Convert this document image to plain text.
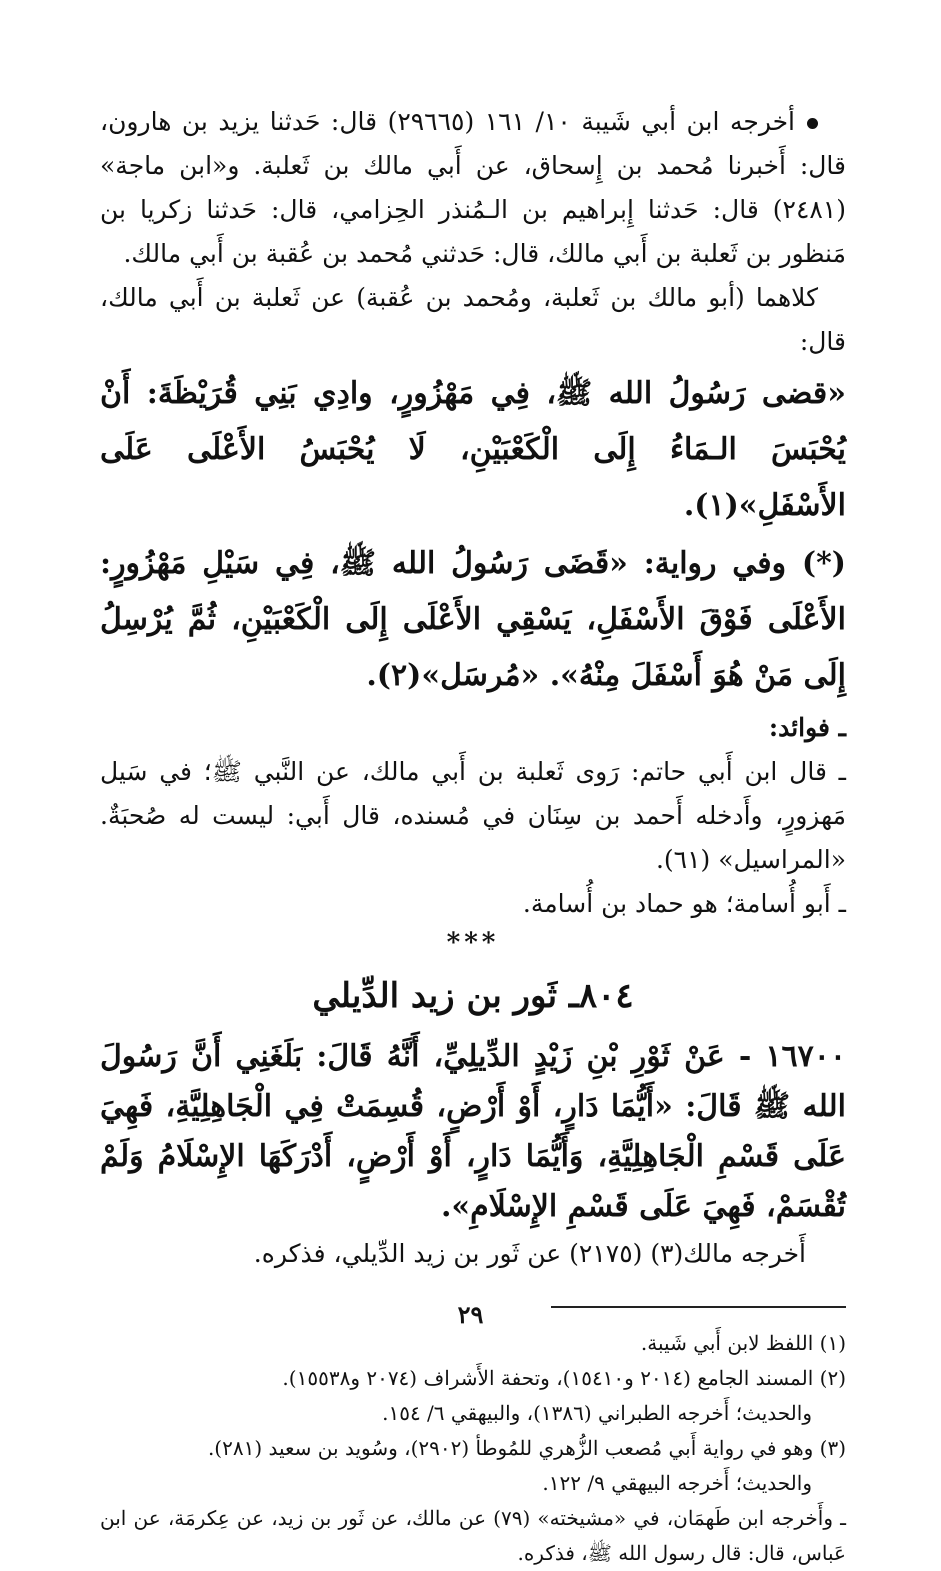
أخرجه ابن أبي شَيبة ١٠/ ١٦١ (٢٩٦٦٥) قال: حَدثنا يزيد بن هارون، قال: أَخبرنا مُحمد بن إِسحاق، عن أَبي مالك بن ثَعلبة. و«ابن ماجة» (٢٤٨١) قال: حَدثنا إِبراهيم بن الـمُنذر الحِزامي، قال: حَدثنا زكريا بن مَنظور بن ثَعلبة بن أَبي مالك، قال: حَدثني مُحمد بن عُقبة بن أَبي مالك.

كلاهما (أبو مالك بن ثَعلبة، ومُحمد بن عُقبة) عن ثَعلبة بن أَبي مالك، قال:

«قضى رَسُولُ الله ﷺ، فِي مَهْزُورٍ، وادِي بَنِي قُرَيْظَةَ: أَنْ يُحْبَسَ الـمَاءُ إِلَى الْكَعْبَيْنِ، لَا يُحْبَسُ الأَعْلَى عَلَى الأَسْفَلِ»(١).

(*) وفي رواية: «قَضَى رَسُولُ الله ﷺ، فِي سَيْلِ مَهْزُورٍ: الأَعْلَى فَوْقَ الأَسْفَلِ، يَسْقِي الأَعْلَى إِلَى الْكَعْبَيْنِ، ثُمَّ يُرْسِلُ إِلَى مَنْ هُوَ أَسْفَلَ مِنْهُ». «مُرسَل»(٢).

ـ فوائد:

ـ قال ابن أَبي حاتم: رَوى ثَعلبة بن أَبي مالك، عن النَّبي ﷺ؛ في سَيل مَهزورٍ، وأَدخله أَحمد بن سِنَان في مُسنده، قال أَبي: ليست له صُحبَةٌ. «المراسيل» (٦١).

ـ أَبو أُسامة؛ هو حماد بن أُسامة.

***

٨٠٤ـ ثَور بن زيد الدِّيلي

١٦٧٠٠ - عَنْ ثَوْرِ بْنِ زَيْدٍ الدِّيلِيِّ، أَنَّهُ قَالَ: بَلَغَنِي أَنَّ رَسُولَ الله ﷺ قَالَ: «أَيُّمَا دَارٍ، أَوْ أَرْضٍ، قُسِمَتْ فِي الْجَاهِلِيَّةِ، فَهِيَ عَلَى قَسْمِ الْجَاهِلِيَّةِ، وَأَيُّمَا دَارٍ، أَوْ أَرْضٍ، أَدْرَكَهَا الإِسْلَامُ وَلَمْ تُقْسَمْ، فَهِيَ عَلَى قَسْمِ الإِسْلَامِ».

أَخرجه مالك(٣) (٢١٧٥) عن ثَور بن زيد الدِّيلي، فذكره.

(١) اللفظ لابن أَبي شَيبة.

(٢) المسند الجامع (٢٠١٤ و١٥٤١٠)، وتحفة الأَشراف (٢٠٧٤ و١٥٥٣٨).

والحديث؛ أَخرجه الطبراني (١٣٨٦)، والبيهقي ٦/ ١٥٤.

(٣) وهو في رواية أَبي مُصعب الزُّهري للمُوطأ (٢٩٠٢)، وسُويد بن سعيد (٢٨١).

والحديث؛ أَخرجه البيهقي ٩/ ١٢٢.

ـ وأَخرجه ابن طَهمَان، في «مشيخته» (٧٩) عن مالك، عن ثَور بن زيد، عن عِكرمَة، عن ابن عَباس، قال: قال رسول الله ﷺ، فذكره.

٢٩
